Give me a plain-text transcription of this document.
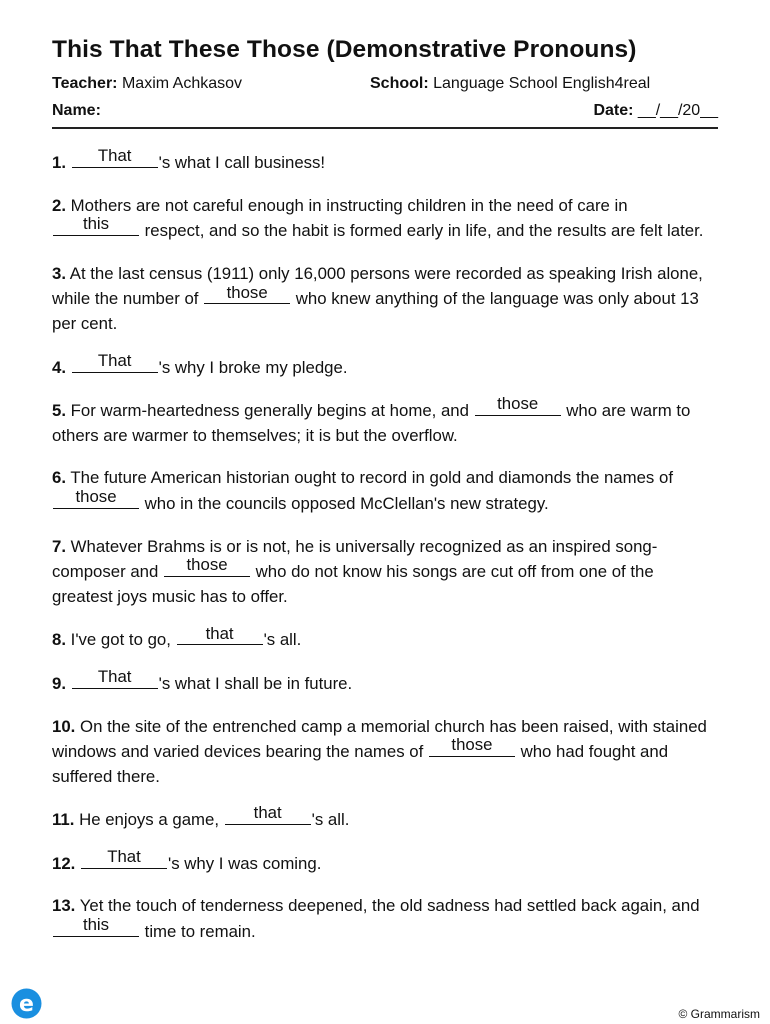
This That These Those (Demonstrative Pronouns)
Teacher: Maxim Achkasov	School: Language School English4real
Name:	Date: __/__/20__
1.	That	's what I call business!
2. Mothers are not careful enough in instructing children in the need of care in
this	respect, and so the habit is formed early in life, and the results are felt later.
3. At the last census (1911) only 16,000 persons were recorded as speaking Irish alone, while the number of	those	who knew anything of the language was only about 13 per cent.
4.	That	's why I broke my pledge.
5. For warm-heartedness generally begins at home, and	those	who are warm to others are warmer to themselves; it is but the overflow.
6. The future American historian ought to record in gold and diamonds the names of
those	who in the councils opposed McClellan's new strategy.
7. Whatever Brahms is or is not, he is universally recognized as an inspired song-composer and	those	who do not know his songs are cut off from one of the greatest joys music has to offer.
8. I've got to go,	that	's all.
9.	That	's what I shall be in future.
10. On the site of the entrenched camp a memorial church has been raised, with stained windows and varied devices bearing the names of	those	who had fought and suffered there.
11. He enjoys a game,	that	's all.
12.	That	's why I was coming.
13. Yet the touch of tenderness deepened, the old sadness had settled back again, and
this	time to remain.
e	© Grammarism
